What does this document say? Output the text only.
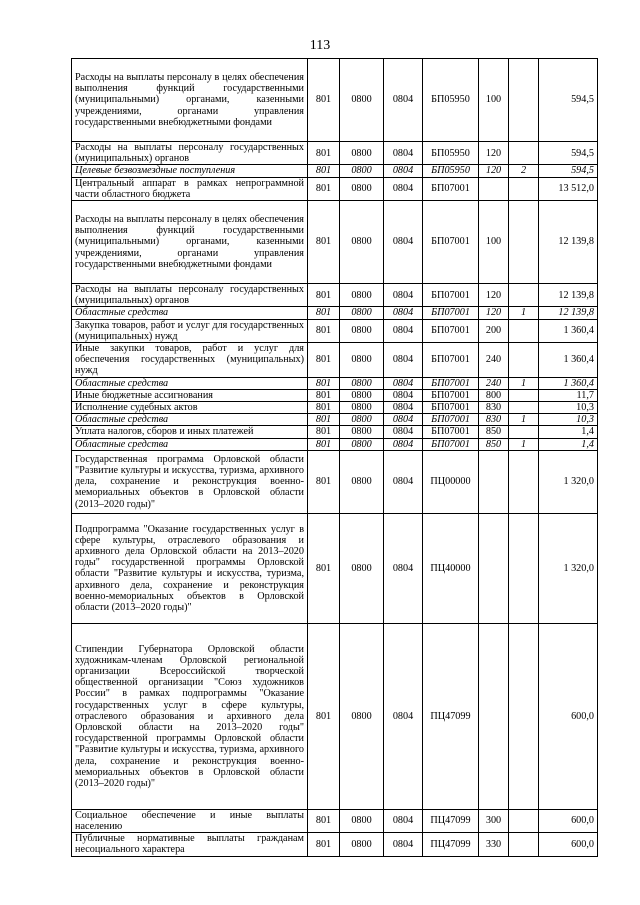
113
Расходы на выплаты персоналу в целях обеспечения выполнения функций государственными (муниципальными) органами, казенными учреждениями, органами управления государственными внебюджетными фондами	801	0800	0804	БП05950	100		594,5
Расходы на выплаты персоналу государственных (муниципальных) органов	801	0800	0804	БП05950	120		594,5
Целевые безвозмездные поступления	801	0800	0804	БП05950	120	2	594,5
Центральный аппарат в рамках непрограммной части областного бюджета	801	0800	0804	БП07001			13 512,0
Расходы на выплаты персоналу в целях обеспечения выполнения функций государственными (муниципальными) органами, казенными учреждениями, органами управления государственными внебюджетными фондами	801	0800	0804	БП07001	100		12 139,8
Расходы на выплаты персоналу государственных (муниципальных) органов	801	0800	0804	БП07001	120		12 139,8
Областные средства	801	0800	0804	БП07001	120	1	12 139,8
Закупка товаров, работ и услуг для государственных (муниципальных) нужд	801	0800	0804	БП07001	200		1 360,4
Иные закупки товаров, работ и услуг для обеспечения государственных (муниципальных) нужд	801	0800	0804	БП07001	240		1 360,4
Областные средства	801	0800	0804	БП07001	240	1	1 360,4
Иные бюджетные ассигнования	801	0800	0804	БП07001	800		11,7
Исполнение судебных актов	801	0800	0804	БП07001	830		10,3
Областные средства	801	0800	0804	БП07001	830	1	10,3
Уплата налогов, сборов и иных платежей	801	0800	0804	БП07001	850		1,4
Областные средства	801	0800	0804	БП07001	850	1	1,4
Государственная программа Орловской области "Развитие культуры и искусства, туризма, архивного дела, сохранение и реконструкция военно-мемориальных объектов в Орловской области (2013–2020 годы)"	801	0800	0804	ПЦ00000			1 320,0
Подпрограмма "Оказание государственных услуг в сфере культуры, отраслевого образования и архивного дела Орловской области на 2013–2020 годы" государственной программы Орловской области "Развитие культуры и искусства, туризма, архивного дела, сохранение и реконструкция военно-мемориальных объектов в Орловской области (2013–2020 годы)"	801	0800	0804	ПЦ40000			1 320,0
Стипендии Губернатора Орловской области художникам-членам Орловской региональной организации Всероссийской творческой общественной организации "Союз художников России" в рамках подпрограммы "Оказание государственных услуг в сфере культуры, отраслевого образования и архивного дела Орловской области на 2013–2020 годы" государственной программы Орловской области "Развитие культуры и искусства, туризма, архивного дела, сохранение и реконструкция военно-мемориальных объектов в Орловской области (2013–2020 годы)"	801	0800	0804	ПЦ47099			600,0
Социальное обеспечение и иные выплаты населению	801	0800	0804	ПЦ47099	300		600,0
Публичные нормативные выплаты гражданам несоциального характера	801	0800	0804	ПЦ47099	330		600,0
